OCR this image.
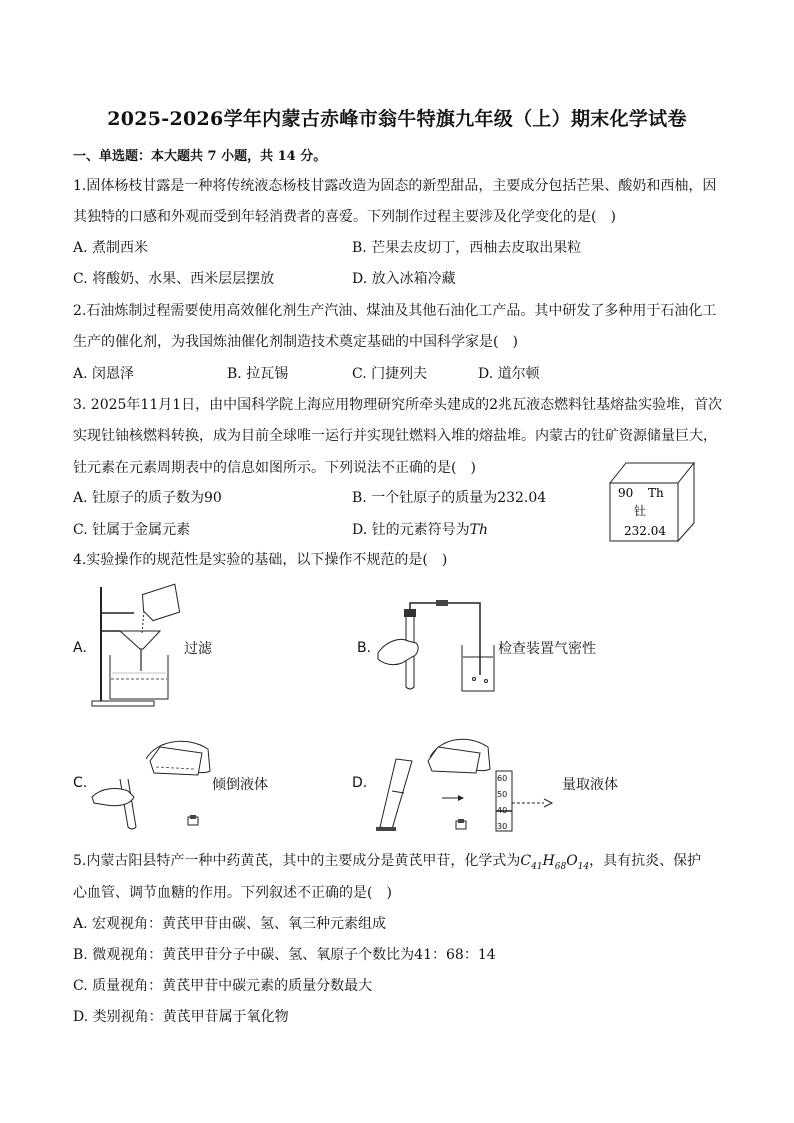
2025-2026学年内蒙古赤峰市翁牛特旗九年级（上）期末化学试卷
一、单选题：本大题共 7 小题，共 14 分。
1.固体杨枝甘露是一种将传统液态杨枝甘露改造为固态的新型甜品，主要成分包括芒果、酸奶和西柚，因
其独特的口感和外观而受到年轻消费者的喜爱。下列制作过程主要涉及化学变化的是(　)
A. 煮制西米	B. 芒果去皮切丁，西柚去皮取出果粒
C. 将酸奶、水果、西米层层摆放	D. 放入冰箱冷藏
2.石油炼制过程需要使用高效催化剂生产汽油、煤油及其他石油化工产品。其中研发了多种用于石油化工
生产的催化剂，为我国炼油催化剂制造技术奠定基础的中国科学家是(　)
A. 闵恩泽	B. 拉瓦锡	C. 门捷列夫	D. 道尔顿
3. 2025年11月1日，由中国科学院上海应用物理研究所牵头建成的2兆瓦液态燃料钍基熔盐实验堆，首次
实现钍铀核燃料转换，成为目前全球唯一运行并实现钍燃料入堆的熔盐堆。内蒙古的钍矿资源储量巨大，
钍元素在元素周期表中的信息如图所示。下列说法不正确的是(　)
A. 钍原子的质子数为90	B. 一个钍原子的质量为232.04
C. 钍属于金属元素	D. 钍的元素符号为Th
90 Th
钍
232.04
4.实验操作的规范性是实验的基础，以下操作不规范的是(　)
A.	过滤	B.	检查装置气密性
C.	倾倒液体	D.	量取液体
60
50
40
30
5.内蒙古阳县特产一种中药黄芪，其中的主要成分是黄芪甲苷，化学式为$C_{41}H_{68}O_{14}$，具有抗炎、保护
心血管、调节血糖的作用。下列叙述不正确的是(　)
A. 宏观视角：黄芪甲苷由碳、氢、氧三种元素组成
B. 微观视角：黄芪甲苷分子中碳、氢、氧原子个数比为41：68：14
C. 质量视角：黄芪甲苷中碳元素的质量分数最大
D. 类别视角：黄芪甲苷属于氧化物
